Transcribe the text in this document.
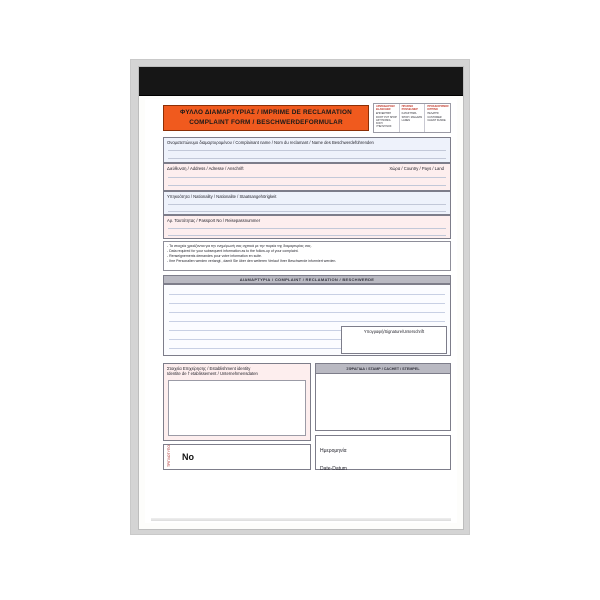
ΦΥΛΛΟ ΔΙΑΜΑΡΤΥΡΙΑΣ / IMPRIME DE RECLAMATION
COMPLAINT FORM / BESCHWERDEFORMULAR
ΑΡΜΟΔΙΑΡΧΕΣ ΒLANCHER
ΕΠΙΧΕΙΡΗΣΗ DON'T PUT SHOP
ΑΣΤΥΝΟΜΙΑ ΚΟΟΥ ΥΠΕΥΘΥΝΟΣ
ΠΡΑΣΙΝΟ ΡΟSSΕLΜΕΡ
ΚΑΤΑΣΤΗΜΑ SHOP / ΜΑGΑΖΙΝ LΑDΕΝ
ΠΡΟΣΔΙΟΡΙΣΜΟΣ ΚΙΤΡΙΝΟ
ΠΕΛΑΤΗΣ CUSTOMER CLIENT ΚUΝDΕ
Ονοματεπώνυμο διαμαρτυρομένου / Complainant name / Nom du reclamant / Name des Beschwerdeführenden
Διεύθυνση / Address / Adresse / Anschrift	Χώρα / Country / Pays / Land
Υπηκοότητα / Nationality / Nationalite / Staatsangehörigkeit
Αρ. Ταυτότητας / Passport No / Reisepassnummer
- Τα στοιχεία χρειάζονται για την ενημέρωσή σας σχετικά με την πορεία της διαμαρτυρίας σας.
- Data required for your subsequent information as to the follow-up of your complaint.
- Renseignements demandes pour votre information en suite.
- Ihre Personalien werden verlangt , damit Sie über den weiteren Verlauf Ihrer Beschwerde informiert werden.
ΔΙΑΜΑΡΤΥΡΙΑ / COMPLAINT / RECLAMATION / BESCHWERDE
Υπογραφή/Signature/Unterschrift
Στοιχεία Επιχείρησης / Establishment identity
Identite de l' etablissement / Unternehmensdaten
ΣΦΡΑΓΙΔΑ / STAMP / CACHET / STEMPEL
No
ΤΡΙΠΛΟΤΥΠΟ	Ημερομηνία
Date-Datum
